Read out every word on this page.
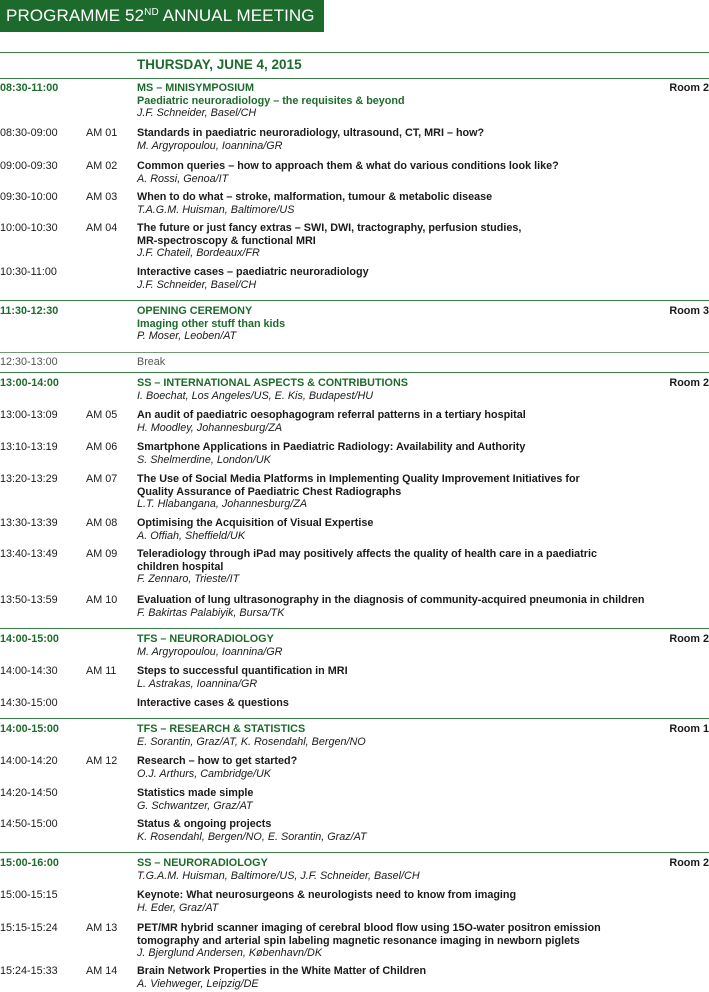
PROGRAMME 52ND ANNUAL MEETING
THURSDAY, JUNE 4, 2015
08:30-11:00	MS – MINISYMPOSIUM
Paediatric neuroradiology – the requisites & beyond
J.F. Schneider, Basel/CH
Room 2
08:30-09:00	AM 01 Standards in paediatric neuroradiology, ultrasound, CT, MRI – how?
M. Argyropoulou, Ioannina/GR
09:00-09:30	AM 02 Common queries – how to approach them & what do various conditions look like?
A. Rossi, Genoa/IT
09:30-10:00	AM 03 When to do what – stroke, malformation, tumour & metabolic disease
T.A.G.M. Huisman, Baltimore/US
10:00-10:30	AM 04 The future or just fancy extras – SWI, DWI, tractography, perfusion studies,
MR-spectroscopy & functional MRI
J.F. Chateil, Bordeaux/FR
10:30-11:00	Interactive cases – paediatric neuroradiology
J.F. Schneider, Basel/CH
11:30-12:30	OPENING CEREMONY
Imaging other stuff than kids
P. Moser, Leoben/AT
Room 3
12:30-13:00	Break
13:00-14:00	SS – INTERNATIONAL ASPECTS & CONTRIBUTIONS
I. Boechat, Los Angeles/US, E. Kis, Budapest/HU
Room 2
13:00-13:09	AM 05 An audit of paediatric oesophagogram referral patterns in a tertiary hospital
H. Moodley, Johannesburg/ZA
13:10-13:19	AM 06 Smartphone Applications in Paediatric Radiology: Availability and Authority
S. Shelmerdine, London/UK
13:20-13:29	AM 07 The Use of Social Media Platforms in Implementing Quality Improvement Initiatives for
Quality Assurance of Paediatric Chest Radiographs
L.T. Hlabangana, Johannesburg/ZA
13:30-13:39	AM 08 Optimising the Acquisition of Visual Expertise
A. Offiah, Sheffield/UK
13:40-13:49	AM 09 Teleradiology through iPad may positively affects the quality of health care in a paediatric
children hospital
F. Zennaro, Trieste/IT
13:50-13:59	AM 10 Evaluation of lung ultrasonography in the diagnosis of community-acquired pneumonia in children
F. Bakirtas Palabiyik, Bursa/TK
14:00-15:00	TFS – NEURORADIOLOGY
M. Argyropoulou, Ioannina/GR
Room 2
14:00-14:30	AM 11 Steps to successful quantification in MRI
L. Astrakas, Ioannina/GR
14:30-15:00	Interactive cases & questions
14:00-15:00	TFS – RESEARCH & STATISTICS
E. Sorantin, Graz/AT, K. Rosendahl, Bergen/NO
Room 1
14:00-14:20	AM 12 Research – how to get started?
O.J. Arthurs, Cambridge/UK
14:20-14:50	Statistics made simple
G. Schwantzer, Graz/AT
14:50-15:00	Status & ongoing projects
K. Rosendahl, Bergen/NO, E. Sorantin, Graz/AT
15:00-16:00	SS – NEURORADIOLOGY
T.G.A.M. Huisman, Baltimore/US, J.F. Schneider, Basel/CH
Room 2
15:00-15:15	Keynote: What neurosurgeons & neurologists need to know from imaging
H. Eder, Graz/AT
15:15-15:24	AM 13 PET/MR hybrid scanner imaging of cerebral blood flow using 15O-water positron emission
tomography and arterial spin labeling magnetic resonance imaging in newborn piglets
J. Bjerglund Andersen, København/DK
15:24-15:33	AM 14 Brain Network Properties in the White Matter of Children
A. Viehweger, Leipzig/DE
